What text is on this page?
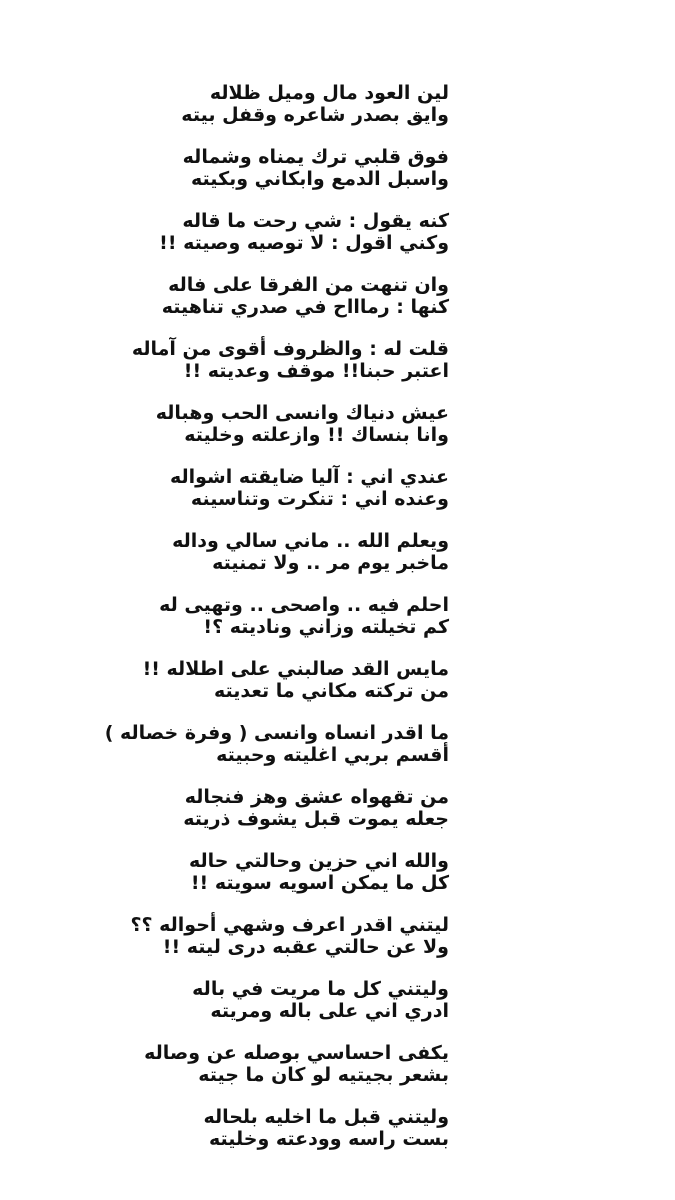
لين العود مال وميل ظلاله
وايق بصدر شاعره وقفل بيته
فوق قلبي ترك يمناه وشماله
واسبل الدمع وابكاني وبكيته
كنه يقول : شي رحت ما قاله
وكني اقول : لا توصيه وصيته !!
وان تنهت من الفرقا على فاله
كنها : رماااح في صدري تناهيته
قلت له : والظروف أقوى من آماله
اعتبر حبنا!! موقف وعديته !!
عيش دنياك وانسى الحب وهباله
وانا بنساك !! وازعلته وخليته
عندي اني : آليا ضايقته اشواله
وعنده اني : تنكرت وتناسينه
ويعلم الله .. ماني سالي وداله
ماخبر يوم مر .. ولا تمنيته
احلم فيه .. واصحى .. وتهيى له
كم تخيلته وزاني وناديته ؟!
مايس القد صالبني على اطلاله !!
من تركته مكاني ما تعديته
ما اقدر انساه وانسى ( وفرة خصاله )
أقسم بربي اغليته وحبيته
من تقهواه عشق وهز فنجاله
جعله يموت قبل يشوف ذريته
والله اني حزين وحالتي حاله
كل ما يمكن اسويه سويته !!
ليتني اقدر اعرف وشهي أحواله ؟؟
ولا عن حالتي عقبه درى ليته !!
وليتني كل ما مريت في باله
ادري اني على باله ومريته
يكفى احساسي بوصله عن وصاله
بشعر بجيتيه لو كان ما جيته
وليتني قبل ما اخليه بلحاله
بست راسه وودعته وخليته
